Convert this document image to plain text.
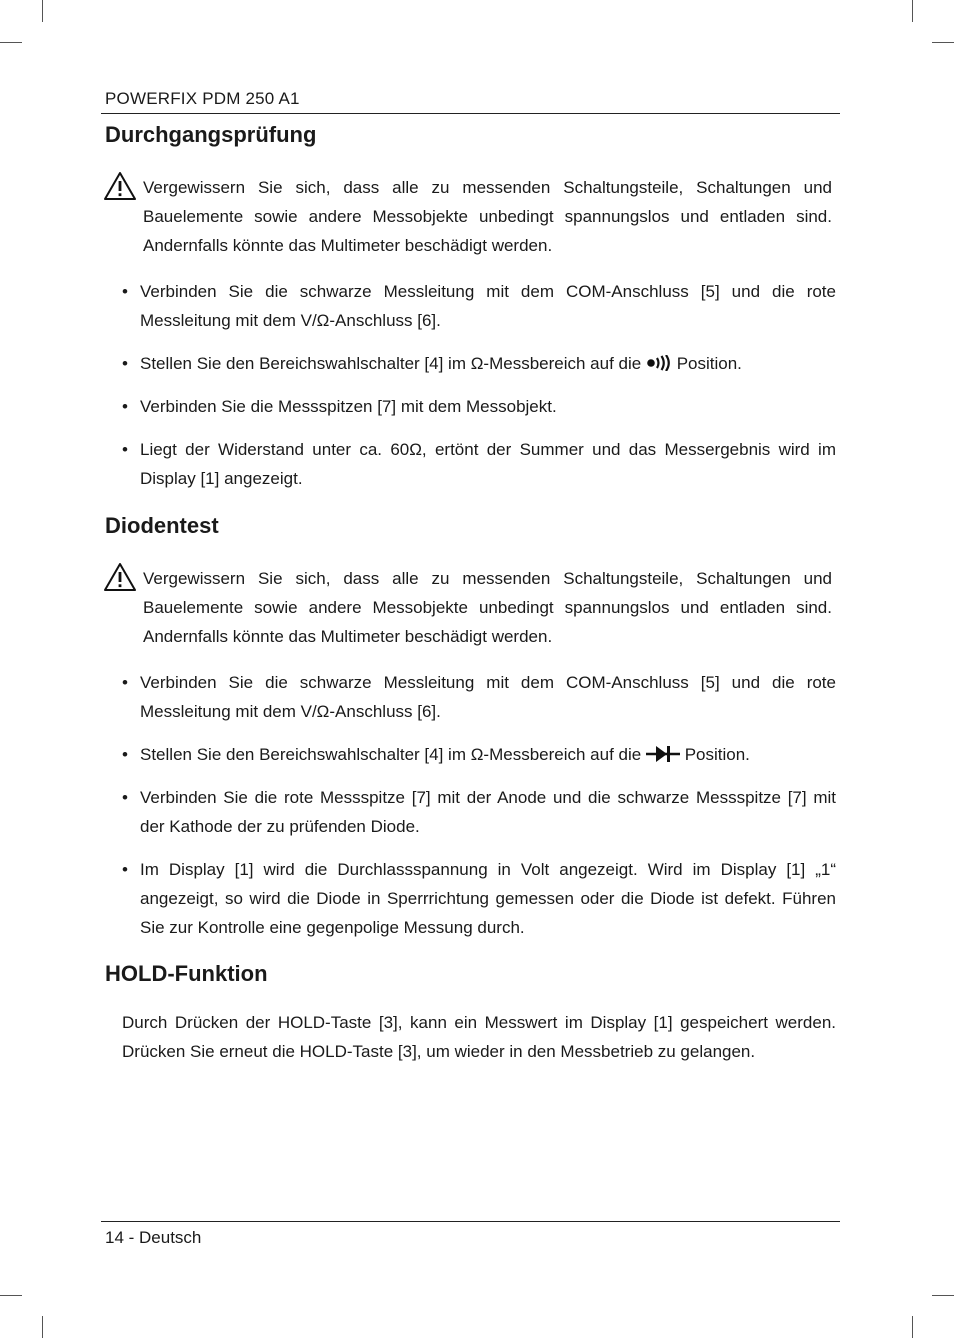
POWERFIX PDM 250 A1
Durchgangsprüfung

Vergewissern Sie sich, dass alle zu messenden Schaltungsteile, Schaltungen und Bauelemente sowie andere Messobjekte unbedingt spannungslos und entladen sind. Andernfalls könnte das Multimeter beschädigt werden.

• Verbinden Sie die schwarze Messleitung mit dem COM-Anschluss [5] und die rote Messleitung mit dem V/Ω-Anschluss [6].

• Stellen Sie den Bereichswahlschalter [4] im Ω-Messbereich auf die Position.

• Verbinden Sie die Messspitzen [7] mit dem Messobjekt.

• Liegt der Widerstand unter ca. 60Ω, ertönt der Summer und das Messergebnis wird im Display [1] angezeigt.

Diodentest

Vergewissern Sie sich, dass alle zu messenden Schaltungsteile, Schaltungen und Bauelemente sowie andere Messobjekte unbedingt spannungslos und entladen sind. Andernfalls könnte das Multimeter beschädigt werden.

• Verbinden Sie die schwarze Messleitung mit dem COM-Anschluss [5] und die rote Messleitung mit dem V/Ω-Anschluss [6].

• Stellen Sie den Bereichswahlschalter [4] im Ω-Messbereich auf die	Position.

• Verbinden Sie die rote Messspitze [7] mit der Anode und die schwarze Messspitze [7] mit der Kathode der zu prüfenden Diode.

• Im Display [1] wird die Durchlassspannung in Volt angezeigt. Wird im Display [1] „1“ angezeigt, so wird die Diode in Sperrrichtung gemessen oder die Diode ist defekt. Führen Sie zur Kontrolle eine gegenpolige Messung durch.

HOLD-Funktion

Durch Drücken der HOLD-Taste [3], kann ein Messwert im Display [1] gespeichert werden. Drücken Sie erneut die HOLD-Taste [3], um wieder in den Messbetrieb zu gelangen.

14 - Deutsch
